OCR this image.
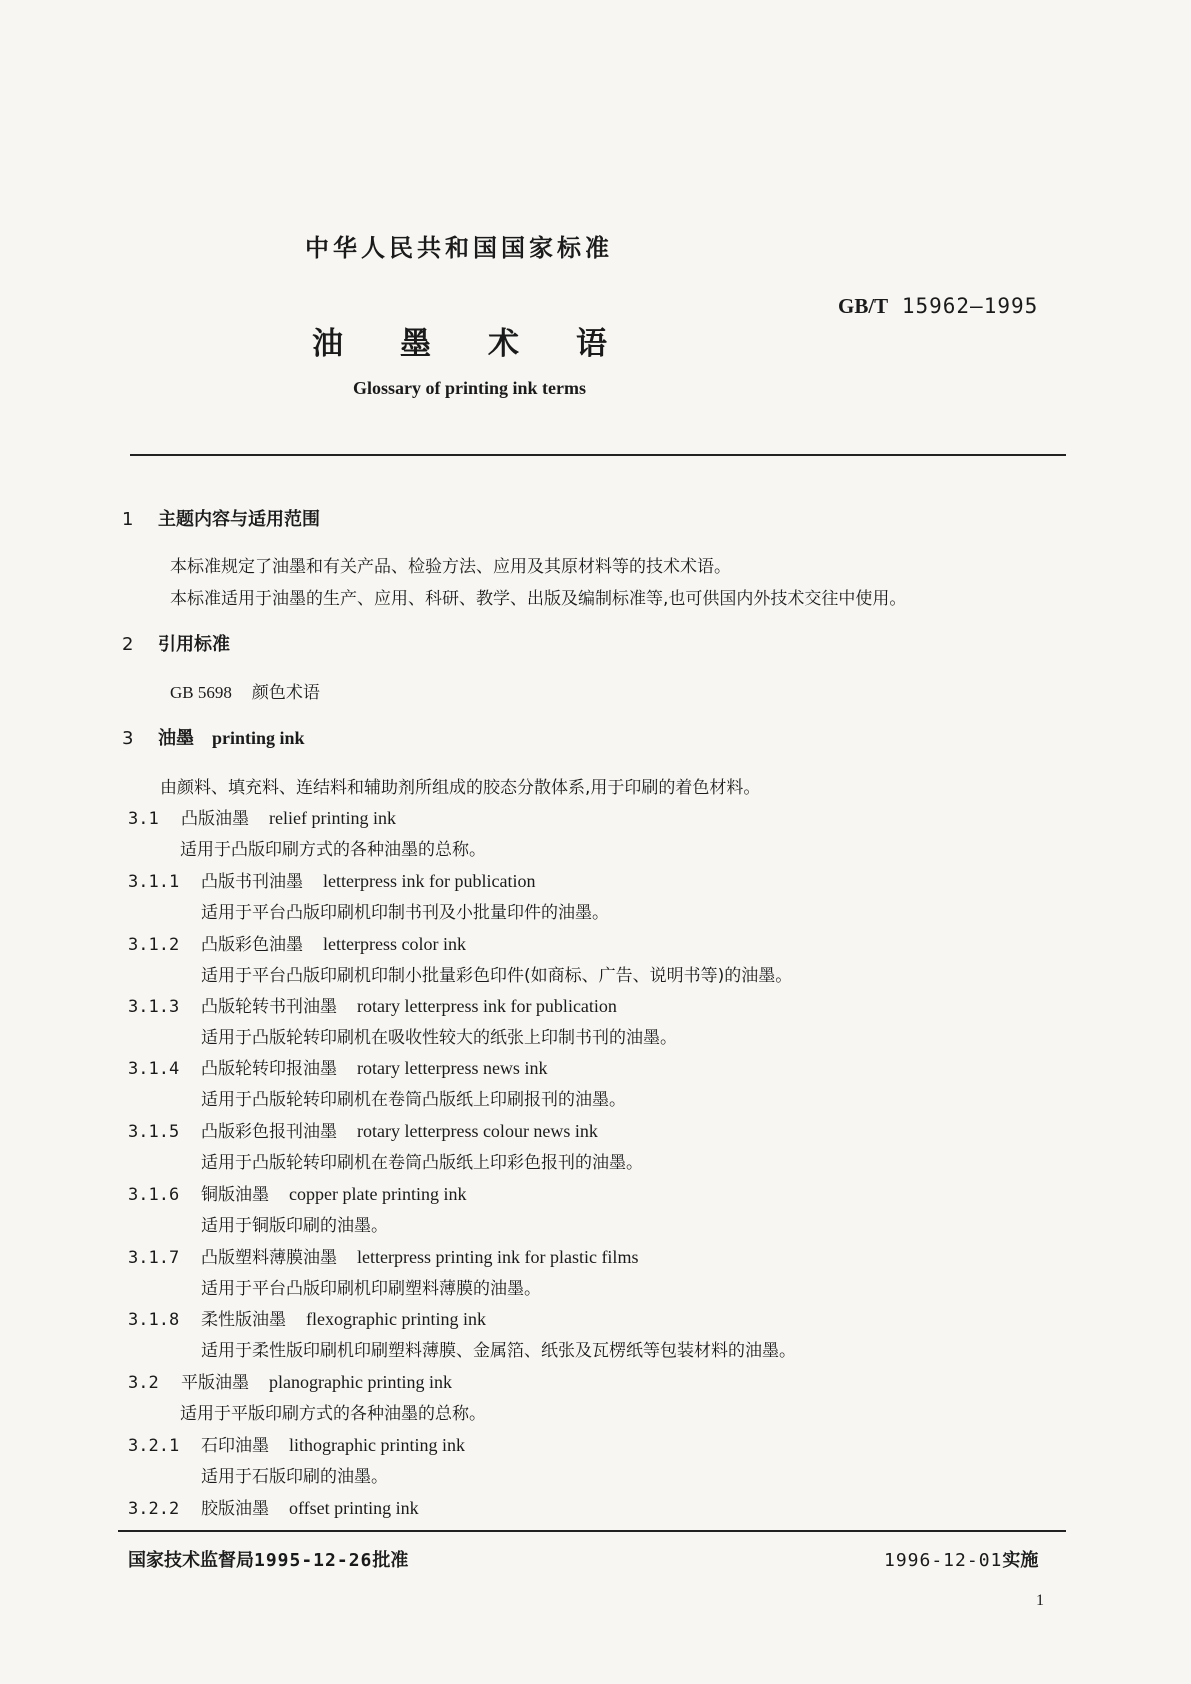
中华人民共和国国家标准
GB/T 15962—1995
油 墨 术 语
Glossary of printing ink terms
1 主题内容与适用范围
本标准规定了油墨和有关产品、检验方法、应用及其原材料等的技术术语。
本标准适用于油墨的生产、应用、科研、教学、出版及编制标准等,也可供国内外技术交往中使用。
2 引用标准
GB 5698 颜色术语
3 油墨 printing ink
由颜料、填充料、连结料和辅助剂所组成的胶态分散体系,用于印刷的着色材料。
3.1 凸版油墨 relief printing ink
适用于凸版印刷方式的各种油墨的总称。
3.1.1 凸版书刊油墨 letterpress ink for publication
适用于平台凸版印刷机印制书刊及小批量印件的油墨。
3.1.2 凸版彩色油墨 letterpress color ink
适用于平台凸版印刷机印制小批量彩色印件(如商标、广告、说明书等)的油墨。
3.1.3 凸版轮转书刊油墨 rotary letterpress ink for publication
适用于凸版轮转印刷机在吸收性较大的纸张上印制书刊的油墨。
3.1.4 凸版轮转印报油墨 rotary letterpress news ink
适用于凸版轮转印刷机在卷筒凸版纸上印刷报刊的油墨。
3.1.5 凸版彩色报刊油墨 rotary letterpress colour news ink
适用于凸版轮转印刷机在卷筒凸版纸上印彩色报刊的油墨。
3.1.6 铜版油墨 copper plate printing ink
适用于铜版印刷的油墨。
3.1.7 凸版塑料薄膜油墨 letterpress printing ink for plastic films
适用于平台凸版印刷机印刷塑料薄膜的油墨。
3.1.8 柔性版油墨 flexographic printing ink
适用于柔性版印刷机印刷塑料薄膜、金属箔、纸张及瓦楞纸等包装材料的油墨。
3.2 平版油墨 planographic printing ink
适用于平版印刷方式的各种油墨的总称。
3.2.1 石印油墨 lithographic printing ink
适用于石版印刷的油墨。
3.2.2 胶版油墨 offset printing ink
国家技术监督局1995-12-26批准	1996-12-01实施
1
